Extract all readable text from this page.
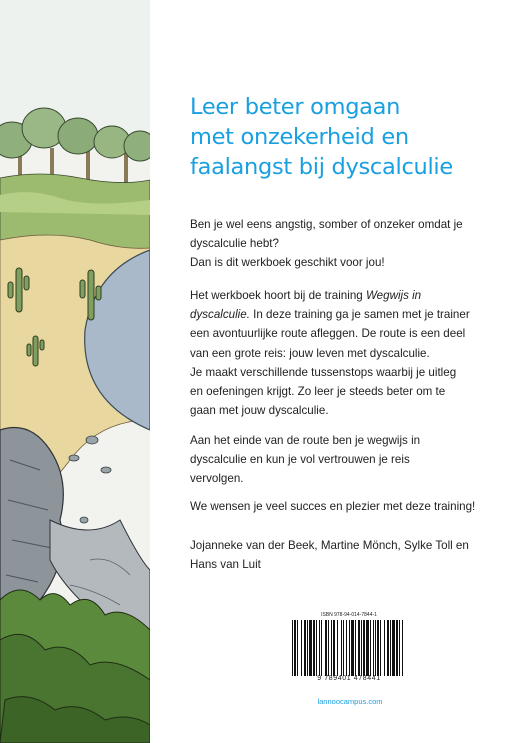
Leer beter omgaan
met onzekerheid en
faalangst bij dyscalculie

Ben je wel eens angstig, somber of onzeker omdat je
dyscalculie hebt?
Dan is dit werkboek geschikt voor jou!

Het werkboek hoort bij de training Wegwijs in
dyscalculie. In deze training ga je samen met je trainer
een avontuurlijke route afleggen. De route is een deel
van een grote reis: jouw leven met dyscalculie.
Je maakt verschillende tussenstops waarbij je uitleg
en oefeningen krijgt. Zo leer je steeds beter om te
gaan met jouw dyscalculie.

Aan het einde van de route ben je wegwijs in
dyscalculie en kun je vol vertrouwen je reis
vervolgen.

We wensen je veel succes en plezier met deze training!

Jojanneke van der Beek, Martine Mönch, Sylke Toll en
Hans van Luit

ISBN 978-94-014-7844-1
9 789401 478441
lannoocampus.com
